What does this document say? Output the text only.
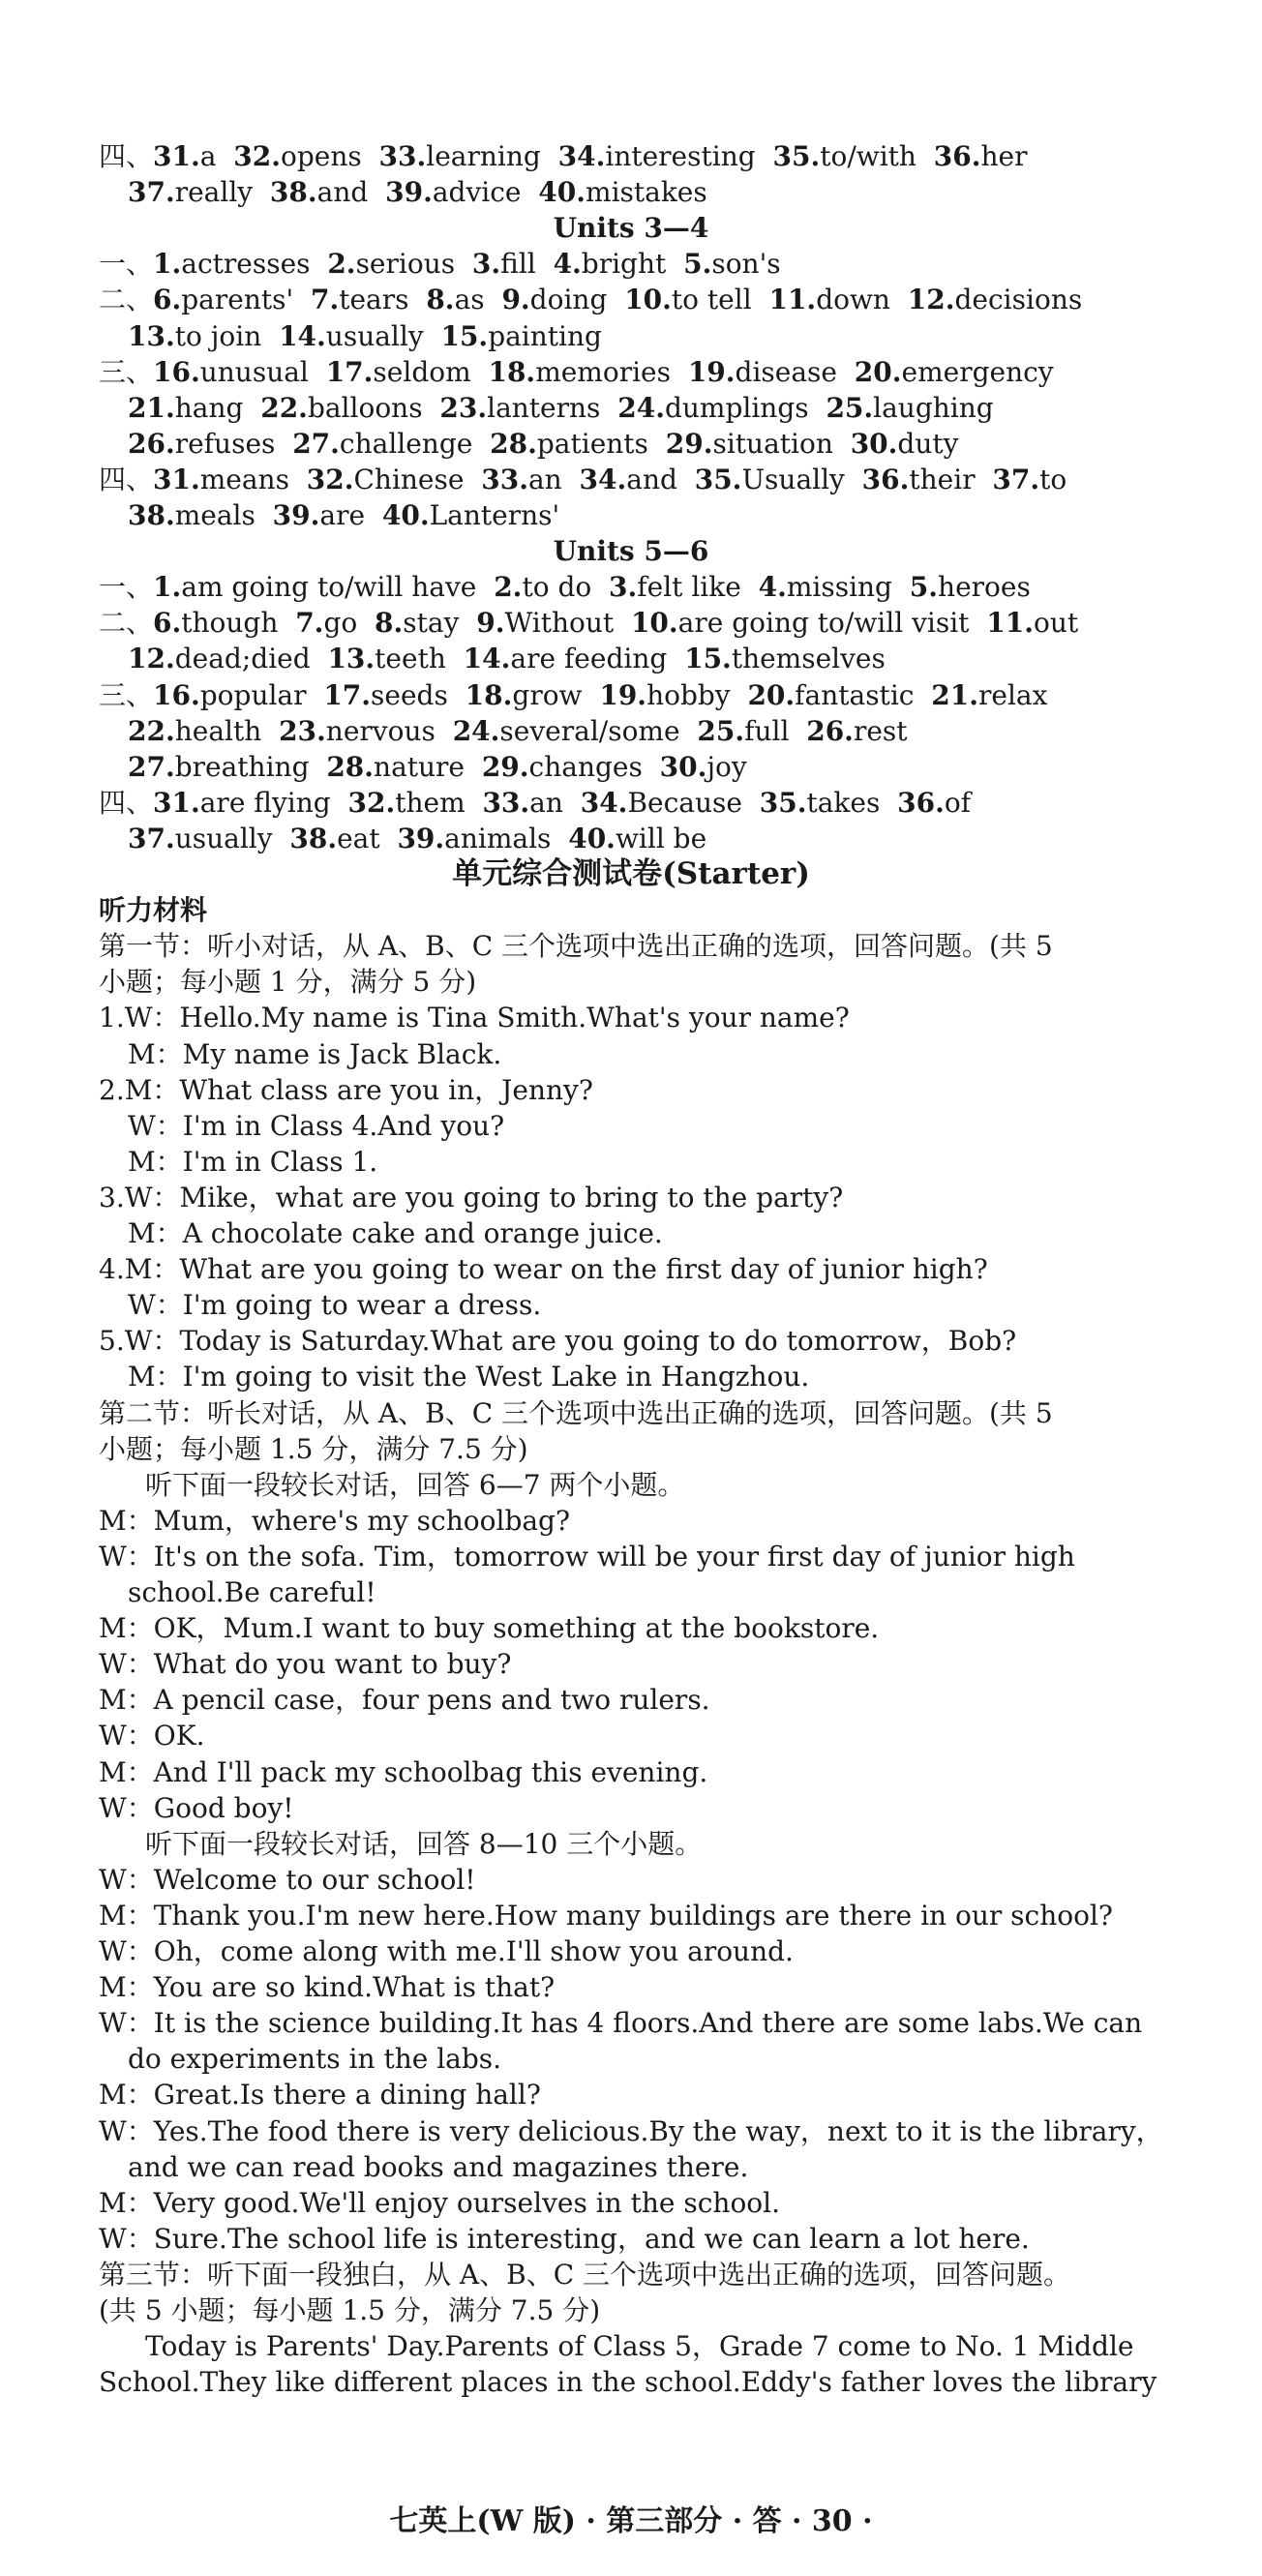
四、31.a 32.opens 33.learning 34.interesting 35.to/with 36.her
37.really 38.and 39.advice 40.mistakes
Units 3—4
一、1.actresses 2.serious 3.fill 4.bright 5.son's
二、6.parents' 7.tears 8.as 9.doing 10.to tell 11.down 12.decisions
13.to join 14.usually 15.painting
三、16.unusual 17.seldom 18.memories 19.disease 20.emergency
21.hang 22.balloons 23.lanterns 24.dumplings 25.laughing
26.refuses 27.challenge 28.patients 29.situation 30.duty
四、31.means 32.Chinese 33.an 34.and 35.Usually 36.their 37.to
38.meals 39.are 40.Lanterns'
Units 5—6
一、1.am going to/will have 2.to do 3.felt like 4.missing 5.heroes
二、6.though 7.go 8.stay 9.Without 10.are going to/will visit 11.out
12.dead;died 13.teeth 14.are feeding 15.themselves
三、16.popular 17.seeds 18.grow 19.hobby 20.fantastic 21.relax
22.health 23.nervous 24.several/some 25.full 26.rest
27.breathing 28.nature 29.changes 30.joy
四、31.are flying 32.them 33.an 34.Because 35.takes 36.of
37.usually 38.eat 39.animals 40.will be
单元综合测试卷(Starter)
听力材料
第一节：听小对话，从 A、B、C 三个选项中选出正确的选项，回答问题。(共 5
小题；每小题 1 分，满分 5 分)
1.W：Hello.My name is Tina Smith.What's your name?
M：My name is Jack Black.
2.M：What class are you in，Jenny?
W：I'm in Class 4.And you?
M：I'm in Class 1.
3.W：Mike，what are you going to bring to the party?
M：A chocolate cake and orange juice.
4.M：What are you going to wear on the first day of junior high?
W：I'm going to wear a dress.
5.W：Today is Saturday.What are you going to do tomorrow，Bob?
M：I'm going to visit the West Lake in Hangzhou.
第二节：听长对话，从 A、B、C 三个选项中选出正确的选项，回答问题。(共 5
小题；每小题 1.5 分，满分 7.5 分)
听下面一段较长对话，回答 6—7 两个小题。
M：Mum，where's my schoolbag?
W：It's on the sofa. Tim，tomorrow will be your first day of junior high
school.Be careful!
M：OK，Mum.I want to buy something at the bookstore.
W：What do you want to buy?
M：A pencil case，four pens and two rulers.
W：OK.
M：And I'll pack my schoolbag this evening.
W：Good boy!
听下面一段较长对话，回答 8—10 三个小题。
W：Welcome to our school!
M：Thank you.I'm new here.How many buildings are there in our school?
W：Oh，come along with me.I'll show you around.
M：You are so kind.What is that?
W：It is the science building.It has 4 floors.And there are some labs.We can
do experiments in the labs.
M：Great.Is there a dining hall?
W：Yes.The food there is very delicious.By the way，next to it is the library，
and we can read books and magazines there.
M：Very good.We'll enjoy ourselves in the school.
W：Sure.The school life is interesting，and we can learn a lot here.
第三节：听下面一段独白，从 A、B、C 三个选项中选出正确的选项，回答问题。
(共 5 小题；每小题 1.5 分，满分 7.5 分)
Today is Parents' Day.Parents of Class 5，Grade 7 come to No. 1 Middle
School.They like different places in the school.Eddy's father loves the library
七英上(W 版) · 第三部分 · 答 · 30 ·
